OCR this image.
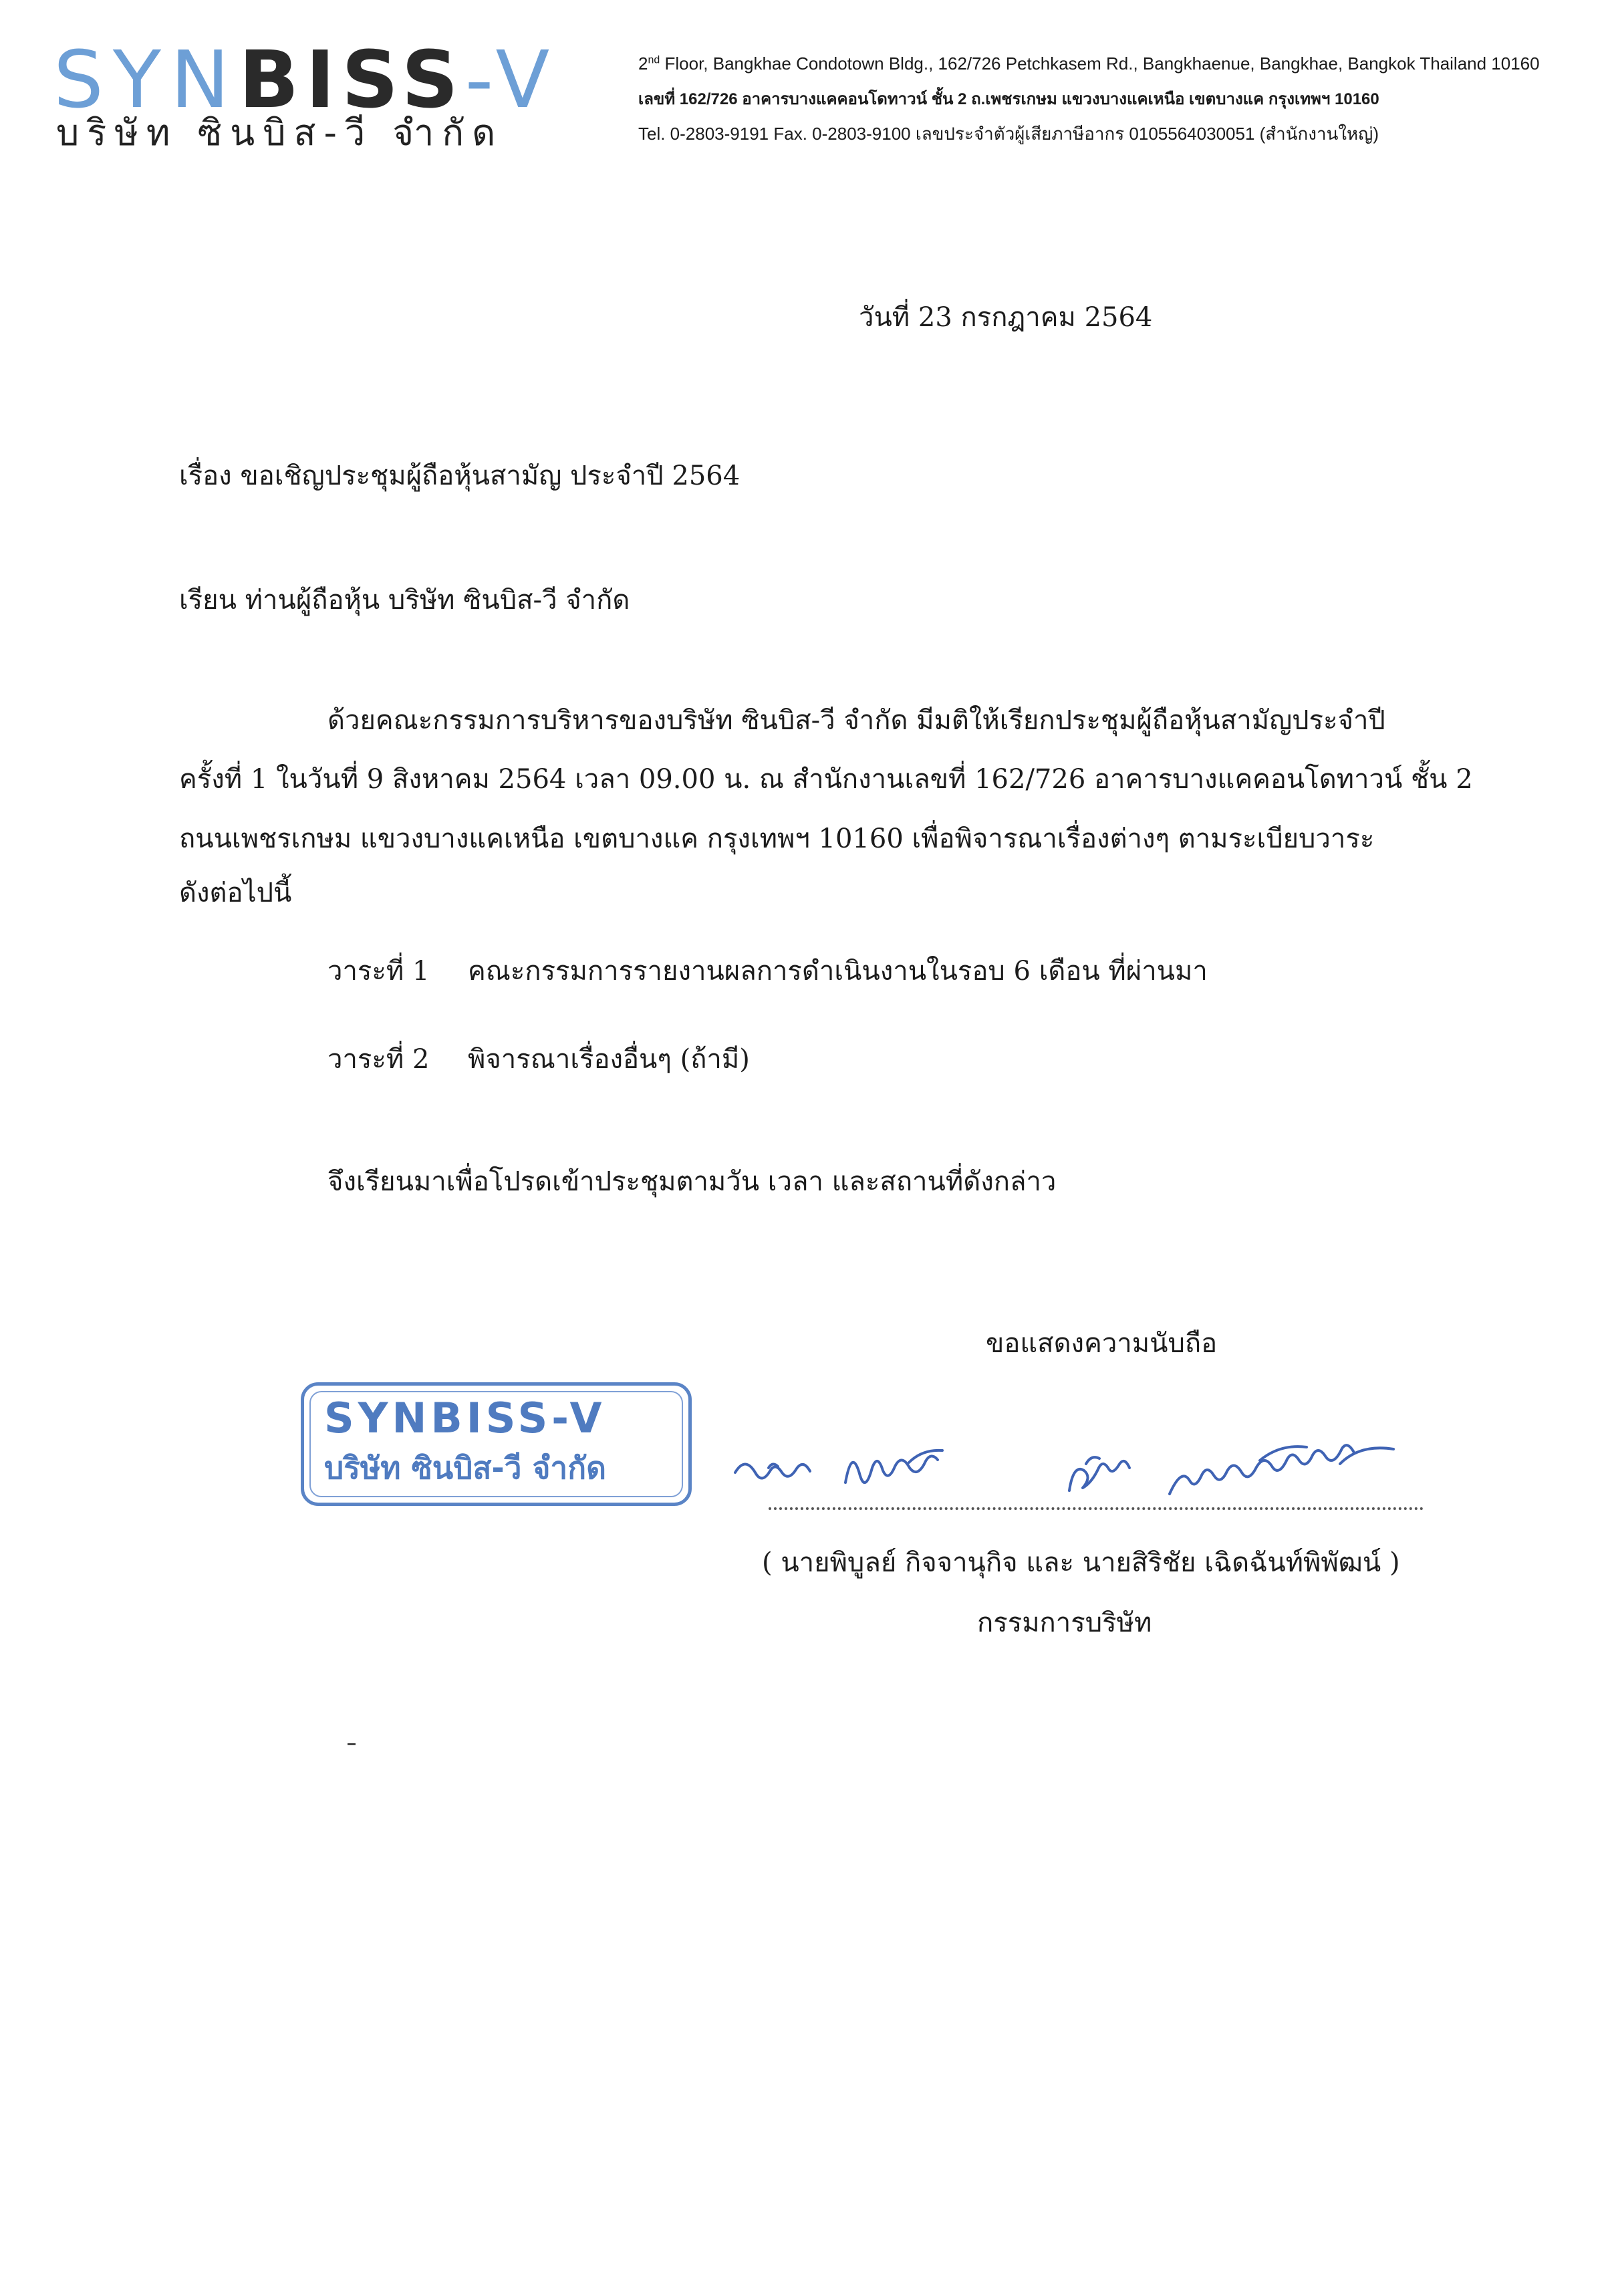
SYNBISS-V
บริษัท ซินบิส-วี จำกัด
2nd Floor, Bangkhae Condotown Bldg., 162/726 Petchkasem Rd., Bangkhaenue, Bangkhae, Bangkok Thailand 10160
เลขที่ 162/726 อาคารบางแคคอนโดทาวน์ ชั้น 2 ถ.เพชรเกษม แขวงบางแคเหนือ เขตบางแค กรุงเทพฯ 10160
Tel. 0-2803-9191 Fax. 0-2803-9100 เลขประจำตัวผู้เสียภาษีอากร 0105564030051 (สำนักงานใหญ่)
วันที่ 23 กรกฎาคม 2564
เรื่อง ขอเชิญประชุมผู้ถือหุ้นสามัญ ประจำปี 2564
เรียน ท่านผู้ถือหุ้น บริษัท ซินบิส-วี จำกัด
ด้วยคณะกรรมการบริหารของบริษัท ซินบิส-วี จำกัด มีมติให้เรียกประชุมผู้ถือหุ้นสามัญประจำปี
ครั้งที่ 1 ในวันที่ 9 สิงหาคม 2564 เวลา 09.00 น. ณ สำนักงานเลขที่ 162/726 อาคารบางแคคอนโดทาวน์ ชั้น 2
ถนนเพชรเกษม แขวงบางแคเหนือ เขตบางแค กรุงเทพฯ 10160 เพื่อพิจารณาเรื่องต่างๆ ตามระเบียบวาระ
ดังต่อไปนี้
วาระที่ 1 คณะกรรมการรายงานผลการดำเนินงานในรอบ 6 เดือน ที่ผ่านมา
วาระที่ 2 พิจารณาเรื่องอื่นๆ (ถ้ามี)
จึงเรียนมาเพื่อโปรดเข้าประชุมตามวัน เวลา และสถานที่ดังกล่าว
ขอแสดงความนับถือ
SYNBISS-V
บริษัท ซินบิส-วี จำกัด
( นายพิบูลย์ กิจจานุกิจ และ นายสิริชัย เฉิดฉันท์พิพัฒน์ )
กรรมการบริษัท
